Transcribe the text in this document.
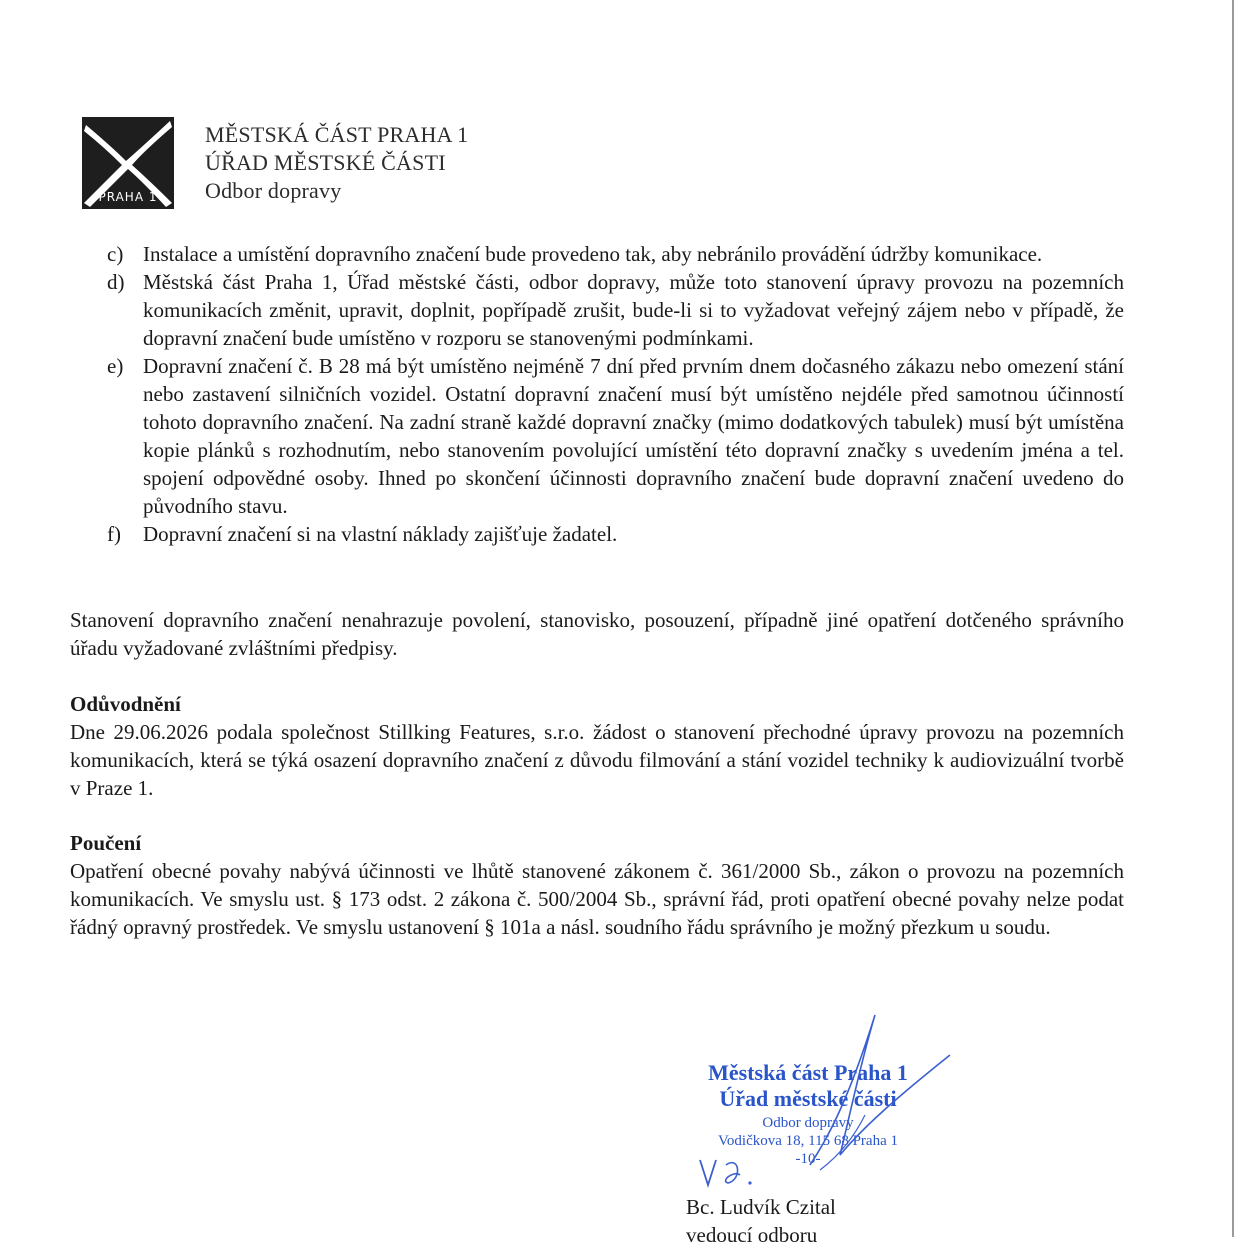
PRAHA 1
MĚSTSKÁ ČÁST PRAHA 1
ÚŘAD MĚSTSKÉ ČÁSTI
Odbor dopravy
c) Instalace a umístění dopravního značení bude provedeno tak, aby nebránilo provádění údržby komunikace.
d) Městská část Praha 1, Úřad městské části, odbor dopravy, může toto stanovení úpravy provozu na pozemních komunikacích změnit, upravit, doplnit, popřípadě zrušit, bude-li si to vyžadovat veřejný zájem nebo v případě, že dopravní značení bude umístěno v rozporu se stanovenými podmínkami.
e) Dopravní značení č. B 28 má být umístěno nejméně 7 dní před prvním dnem dočasného zákazu nebo omezení stání nebo zastavení silničních vozidel. Ostatní dopravní značení musí být umístěno nejdéle před samotnou účinností tohoto dopravního značení. Na zadní straně každé dopravní značky (mimo dodatkových tabulek) musí být umístěna kopie plánků s rozhodnutím, nebo stanovením povolující umístění této dopravní značky s uvedením jména a tel. spojení odpovědné osoby. Ihned po skončení účinnosti dopravního značení bude dopravní značení uvedeno do původního stavu.
f) Dopravní značení si na vlastní náklady zajišťuje žadatel.
Stanovení dopravního značení nenahrazuje povolení, stanovisko, posouzení, případně jiné opatření dotčeného správního úřadu vyžadované zvláštními předpisy.
Odůvodnění
Dne 29.06.2026 podala společnost Stillking Features, s.r.o. žádost o stanovení přechodné úpravy provozu na pozemních komunikacích, která se týká osazení dopravního značení z důvodu filmování a stání vozidel techniky k audiovizuální tvorbě v Praze 1.
Poučení
Opatření obecné povahy nabývá účinnosti ve lhůtě stanovené zákonem č. 361/2000 Sb., zákon o provozu na pozemních komunikacích. Ve smyslu ust. § 173 odst. 2 zákona č. 500/2004 Sb., správní řád, proti opatření obecné povahy nelze podat řádný opravný prostředek. Ve smyslu ustanovení § 101a a násl. soudního řádu správního je možný přezkum u soudu.
Městská část Praha 1
Úřad městské části
Odbor dopravy
Vodičkova 18, 115 68 Praha 1
-10-
Bc. Ludvík Czital
vedoucí odboru
